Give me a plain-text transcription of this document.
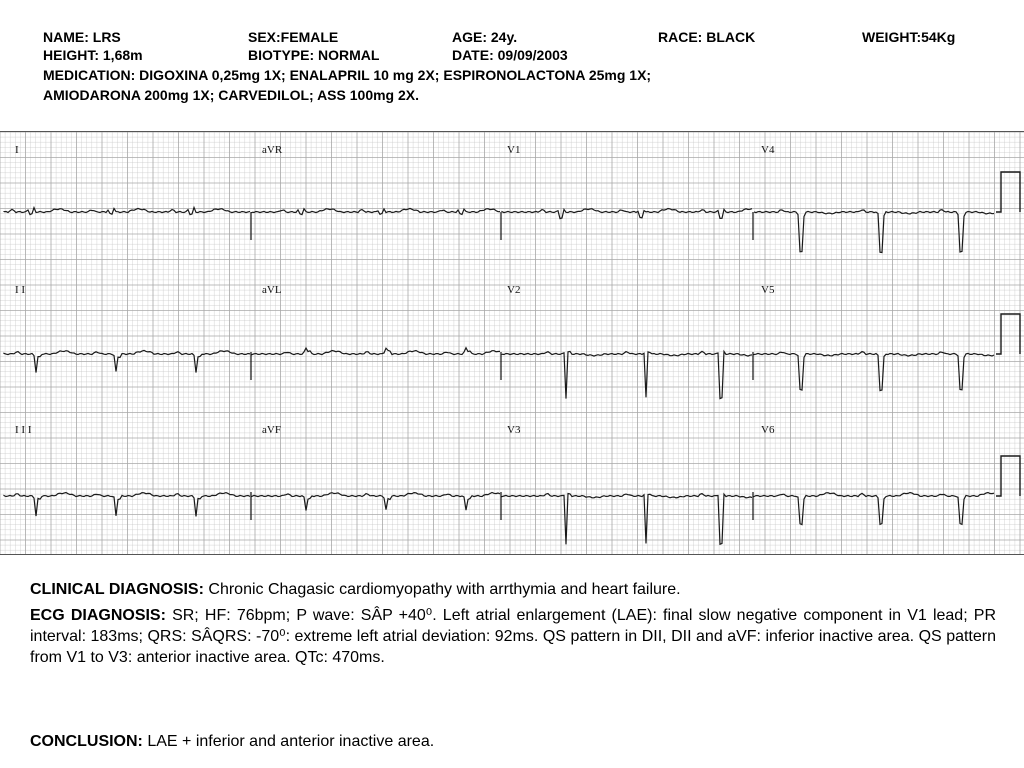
NAME: LRS	SEX:FEMALE	AGE: 24y.	RACE: BLACK	WEIGHT:54Kg
HEIGHT: 1,68m	BIOTYPE: NORMAL	DATE: 09/09/2003
MEDICATION: DIGOXINA 0,25mg 1X; ENALAPRIL 10 mg 2X; ESPIRONOLACTONA 25mg 1X;
AMIODARONA 200mg 1X; CARVEDILOL; ASS 100mg 2X.
I	aVR	V1	V4
I I	aVL	V2	V5
I I I	aVF	V3	V6
CLINICAL DIAGNOSIS: Chronic Chagasic cardiomyopathy with arrthymia and heart failure.
ECG DIAGNOSIS: SR; HF: 76bpm; P wave: SÂP +40⁰. Left atrial enlargement (LAE): final slow negative component in V1 lead; PR interval: 183ms; QRS: SÂQRS: -70⁰: extreme left atrial deviation: 92ms. QS pattern in DII, DII and aVF: inferior inactive area. QS pattern from V1 to V3: anterior inactive area. QTc: 470ms.
CONCLUSION: LAE + inferior and anterior inactive area.
